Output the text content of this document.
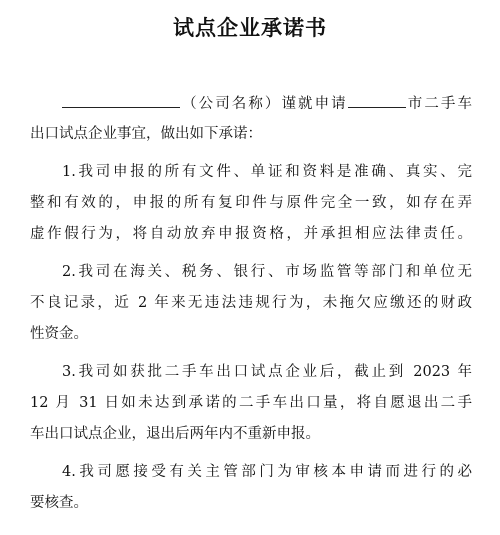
试点企业承诺书
（公司名称）谨就申请	市二手车
出口试点企业事宜，做出如下承诺：
1.我司申报的所有文件、单证和资料是准确、真实、完
整和有效的，申报的所有复印件与原件完全一致，如存在弄
虚作假行为，将自动放弃申报资格，并承担相应法律责任。
2.我司在海关、税务、银行、市场监管等部门和单位无
不良记录，近 2 年来无违法违规行为，未拖欠应缴还的财政
性资金。
3.我司如获批二手车出口试点企业后，截止到 2023 年
12 月 31 日如未达到承诺的二手车出口量，将自愿退出二手
车出口试点企业，退出后两年内不重新申报。
4.我司愿接受有关主管部门为审核本申请而进行的必
要核查。
